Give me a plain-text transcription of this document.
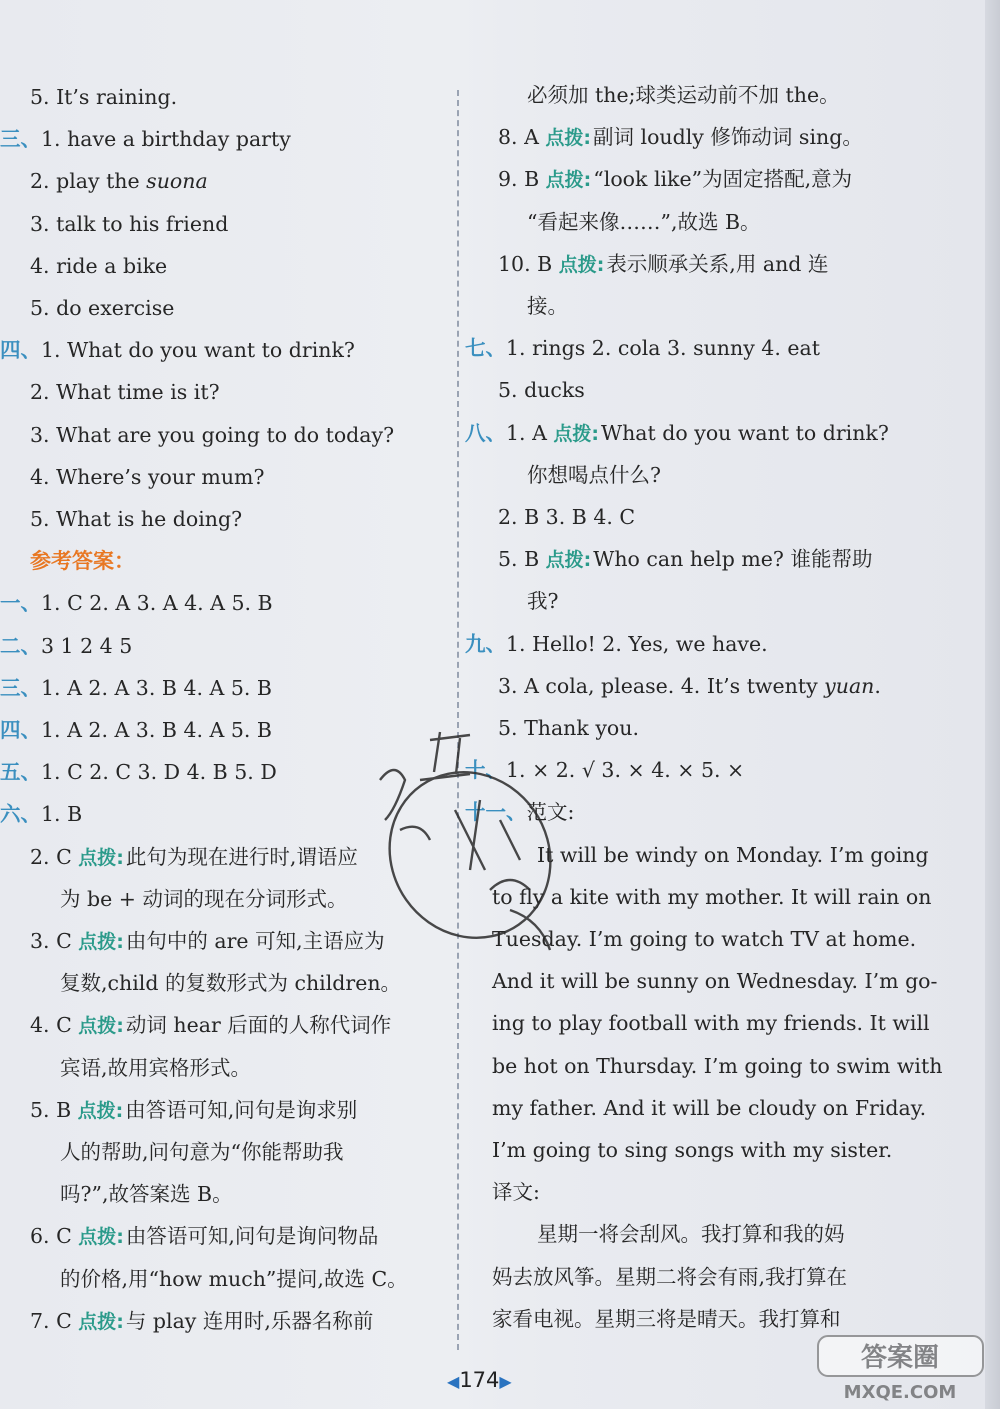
5. It’s raining.
三、1. have a birthday party
2. play the suona
3. talk to his friend
4. ride a bike
5. do exercise
四、1. What do you want to drink?
2. What time is it?
3. What are you going to do today?
4. Where’s your mum?
5. What is he doing?
参考答案：
一、1. C 2. A 3. A 4. A 5. B
二、3 1 2 4 5
三、1. A 2. A 3. B 4. A 5. B
四、1. A 2. A 3. B 4. A 5. B
五、1. C 2. C 3. D 4. B 5. D
六、1. B
2. C 点拨:此句为现在进行时,谓语应
为 be + 动词的现在分词形式。
3. C 点拨:由句中的 are 可知,主语应为
复数,child 的复数形式为 children。
4. C 点拨:动词 hear 后面的人称代词作
宾语,故用宾格形式。
5. B 点拨:由答语可知,问句是询求别
人的帮助,问句意为“你能帮助我
吗?”,故答案选 B。
6. C 点拨:由答语可知,问句是询问物品
的价格,用“how much”提问,故选 C。
7. C 点拨:与 play 连用时,乐器名称前
必须加 the;球类运动前不加 the。
8. A 点拨:副词 loudly 修饰动词 sing。
9. B 点拨:“look like”为固定搭配,意为
“看起来像……”,故选 B。
10. B 点拨:表示顺承关系,用 and 连
接。
七、1. rings 2. cola 3. sunny 4. eat
5. ducks
八、1. A 点拨:What do you want to drink?
你想喝点什么?
2. B 3. B 4. C
5. B 点拨:Who can help me? 谁能帮助
我?
九、1. Hello! 2. Yes, we have.
3. A cola, please. 4. It’s twenty yuan.
5. Thank you.
十、1. × 2. √ 3. × 4. × 5. ×
十一、范文:
It will be windy on Monday. I’m going
to fly a kite with my mother. It will rain on
Tuesday. I’m going to watch TV at home.
And it will be sunny on Wednesday. I’m go-
ing to play football with my friends. It will
be hot on Thursday. I’m going to swim with
my father. And it will be cloudy on Friday.
I’m going to sing songs with my sister.
译文:
星期一将会刮风。我打算和我的妈
妈去放风筝。星期二将会有雨,我打算在
家看电视。星期三将是晴天。我打算和
◀174▶
答案圈
MXQE.COM
